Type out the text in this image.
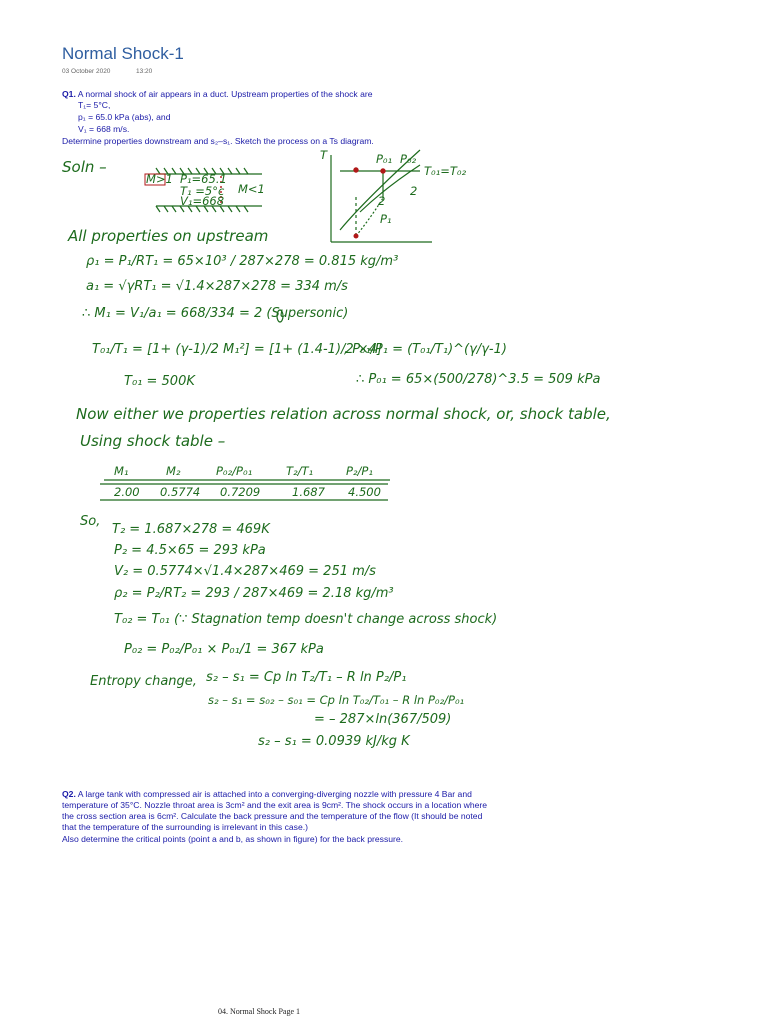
Normal Shock-1
03 October 2020	13:20
Q1. A normal shock of air appears in a duct. Upstream properties of the shock are
T₁= 5°C,
p₁ = 65.0 kPa (abs), and
V₁ = 668 m/s.
Determine properties downstream and s₂–s₁. Sketch the process on a Ts diagram.
Soln –
M>1 P₁=65.1
T₁ =5°c
V₁=668
M<1
T	P₀₁ P₀₂
T₀₁=T₀₂
2
2
P₁
All properties on upstream
ρ₁ = P₁/RT₁ = 65×10³ / 287×278 = 0.815 kg/m³
a₁ = √γRT₁ = √1.4×287×278 = 334 m/s
∴ M₁ = V₁/a₁ = 668/334 = 2 (Supersonic)
T₀₁/T₁ = [1+ (γ-1)/2 M₁²] = [1+ (1.4-1)/2 ×4]
, P₀₁/P₁ = (T₀₁/T₁)^(γ/γ-1)
T₀₁ = 500K	∴ P₀₁ = 65×(500/278)^3.5 = 509 kPa
Now either we properties relation across normal shock, or, shock table,
Using shock table –
M₁	M₂	P₀₂/P₀₁	T₂/T₁	P₂/P₁
2.00 0.5774 0.7209	1.687 4.500
So,
T₂ = 1.687×278 = 469K
P₂ = 4.5×65 = 293 kPa
V₂ = 0.5774×√1.4×287×469 = 251 m/s
ρ₂ = P₂/RT₂ = 293 / 287×469 = 2.18 kg/m³
T₀₂ = T₀₁ (∵ Stagnation temp doesn't change across shock)
P₀₂ = P₀₂/P₀₁ × P₀₁/1 = 367 kPa
Entropy change, s₂ – s₁ = Cp ln T₂/T₁ – R ln P₂/P₁
s₂ – s₁ = s₀₂ – s₀₁ = Cp ln T₀₂/T₀₁ – R ln P₀₂/P₀₁
= – 287×ln(367/509)
s₂ – s₁ = 0.0939 kJ/kg K
Q2. A large tank with compressed air is attached into a converging-diverging nozzle with pressure 4 Bar and
temperature of 35°C. Nozzle throat area is 3cm² and the exit area is 9cm². The shock occurs in a location where
the cross section area is 6cm². Calculate the back pressure and the temperature of the flow (It should be noted
that the temperature of the surrounding is irrelevant in this case.)
Also determine the critical points (point a and b, as shown in figure) for the back pressure.
04. Normal Shock Page 1
